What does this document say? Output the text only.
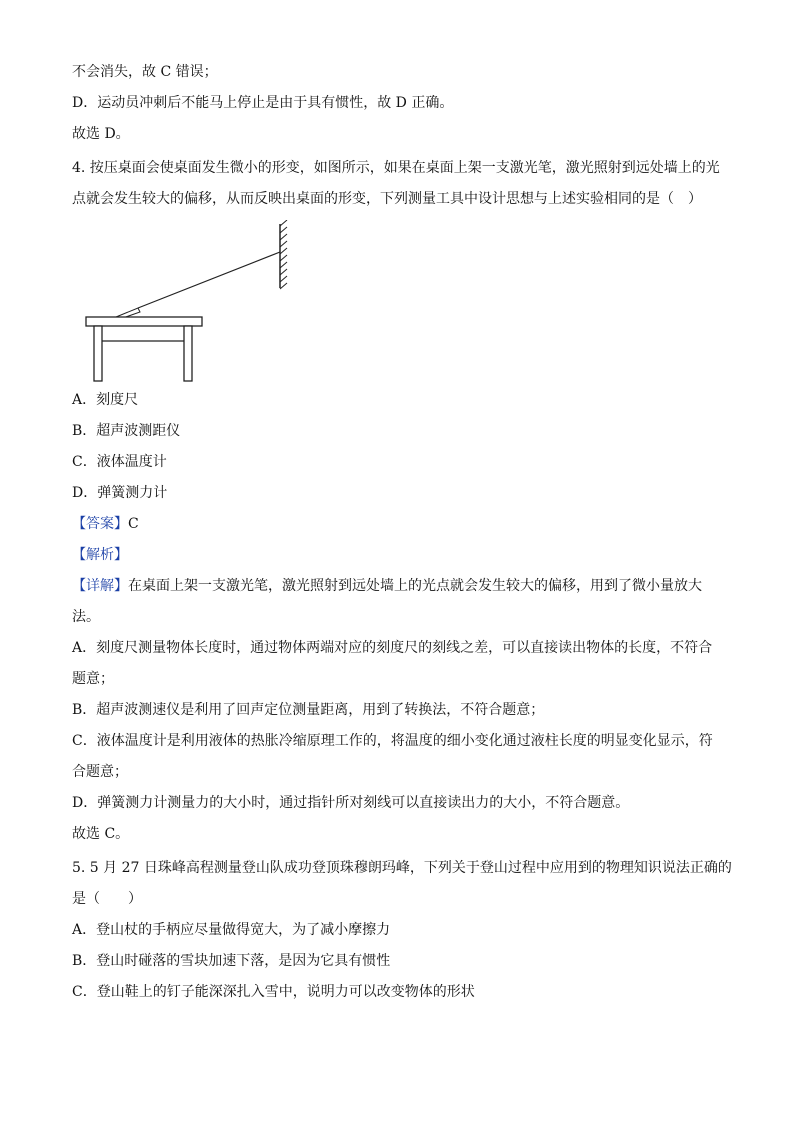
不会消失，故 C 错误；
D．运动员冲刺后不能马上停止是由于具有惯性，故 D 正确。
故选 D。
4. 按压桌面会使桌面发生微小的形变，如图所示，如果在桌面上架一支激光笔，激光照射到远处墙上的光
点就会发生较大的偏移，从而反映出桌面的形变，下列测量工具中设计思想与上述实验相同的是（　）
A．刻度尺
B．超声波测距仪
C．液体温度计
D．弹簧测力计
【答案】C
【解析】
【详解】在桌面上架一支激光笔，激光照射到远处墙上的光点就会发生较大的偏移，用到了微小量放大
法。
A．刻度尺测量物体长度时，通过物体两端对应的刻度尺的刻线之差，可以直接读出物体的长度，不符合
题意；
B．超声波测速仪是利用了回声定位测量距离，用到了转换法，不符合题意；
C．液体温度计是利用液体的热胀冷缩原理工作的，将温度的细小变化通过液柱长度的明显变化显示，符
合题意；
D．弹簧测力计测量力的大小时，通过指针所对刻线可以直接读出力的大小，不符合题意。
故选 C。
5. 5 月 27 日珠峰高程测量登山队成功登顶珠穆朗玛峰，下列关于登山过程中应用到的物理知识说法正确的
是（　　）
A．登山杖的手柄应尽量做得宽大，为了减小摩擦力
B．登山时碰落的雪块加速下落，是因为它具有惯性
C．登山鞋上的钉子能深深扎入雪中，说明力可以改变物体的形状
